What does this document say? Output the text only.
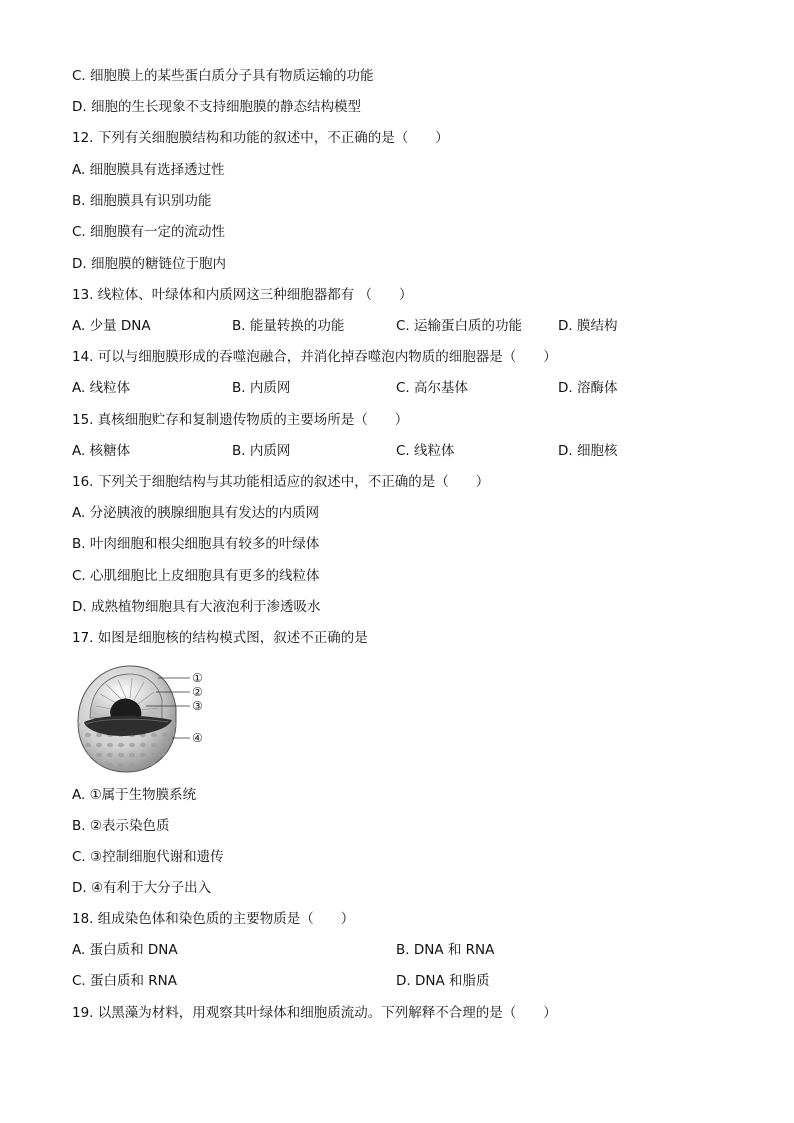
C. 细胞膜上的某些蛋白质分子具有物质运输的功能
D. 细胞的生长现象不支持细胞膜的静态结构模型
12. 下列有关细胞膜结构和功能的叙述中，不正确的是（　　）
A. 细胞膜具有选择透过性
B. 细胞膜具有识别功能
C. 细胞膜有一定的流动性
D. 细胞膜的糖链位于胞内
13. 线粒体、叶绿体和内质网这三种细胞器都有 （　　）
A. 少量 DNA	B. 能量转换的功能	C. 运输蛋白质的功能	D. 膜结构
14. 可以与细胞膜形成的吞噬泡融合，并消化掉吞噬泡内物质的细胞器是（　　）
A. 线粒体	B. 内质网	C. 高尔基体	D. 溶酶体
15. 真核细胞贮存和复制遗传物质的主要场所是（　　）
A. 核糖体	B. 内质网	C. 线粒体	D. 细胞核
16. 下列关于细胞结构与其功能相适应的叙述中，不正确的是（　　）
A. 分泌胰液的胰腺细胞具有发达的内质网
B. 叶肉细胞和根尖细胞具有较多的叶绿体
C. 心肌细胞比上皮细胞具有更多的线粒体
D. 成熟植物细胞具有大液泡利于渗透吸水
17. 如图是细胞核的结构模式图，叙述不正确的是
①
②
③
④
A. ①属于生物膜系统
B. ②表示染色质
C. ③控制细胞代谢和遗传
D. ④有利于大分子出入
18. 组成染色体和染色质的主要物质是（　　）
A. 蛋白质和 DNA	B. DNA 和 RNA
C. 蛋白质和 RNA	D. DNA 和脂质
19. 以黑藻为材料，用观察其叶绿体和细胞质流动。下列解释不合理的是（　　）
